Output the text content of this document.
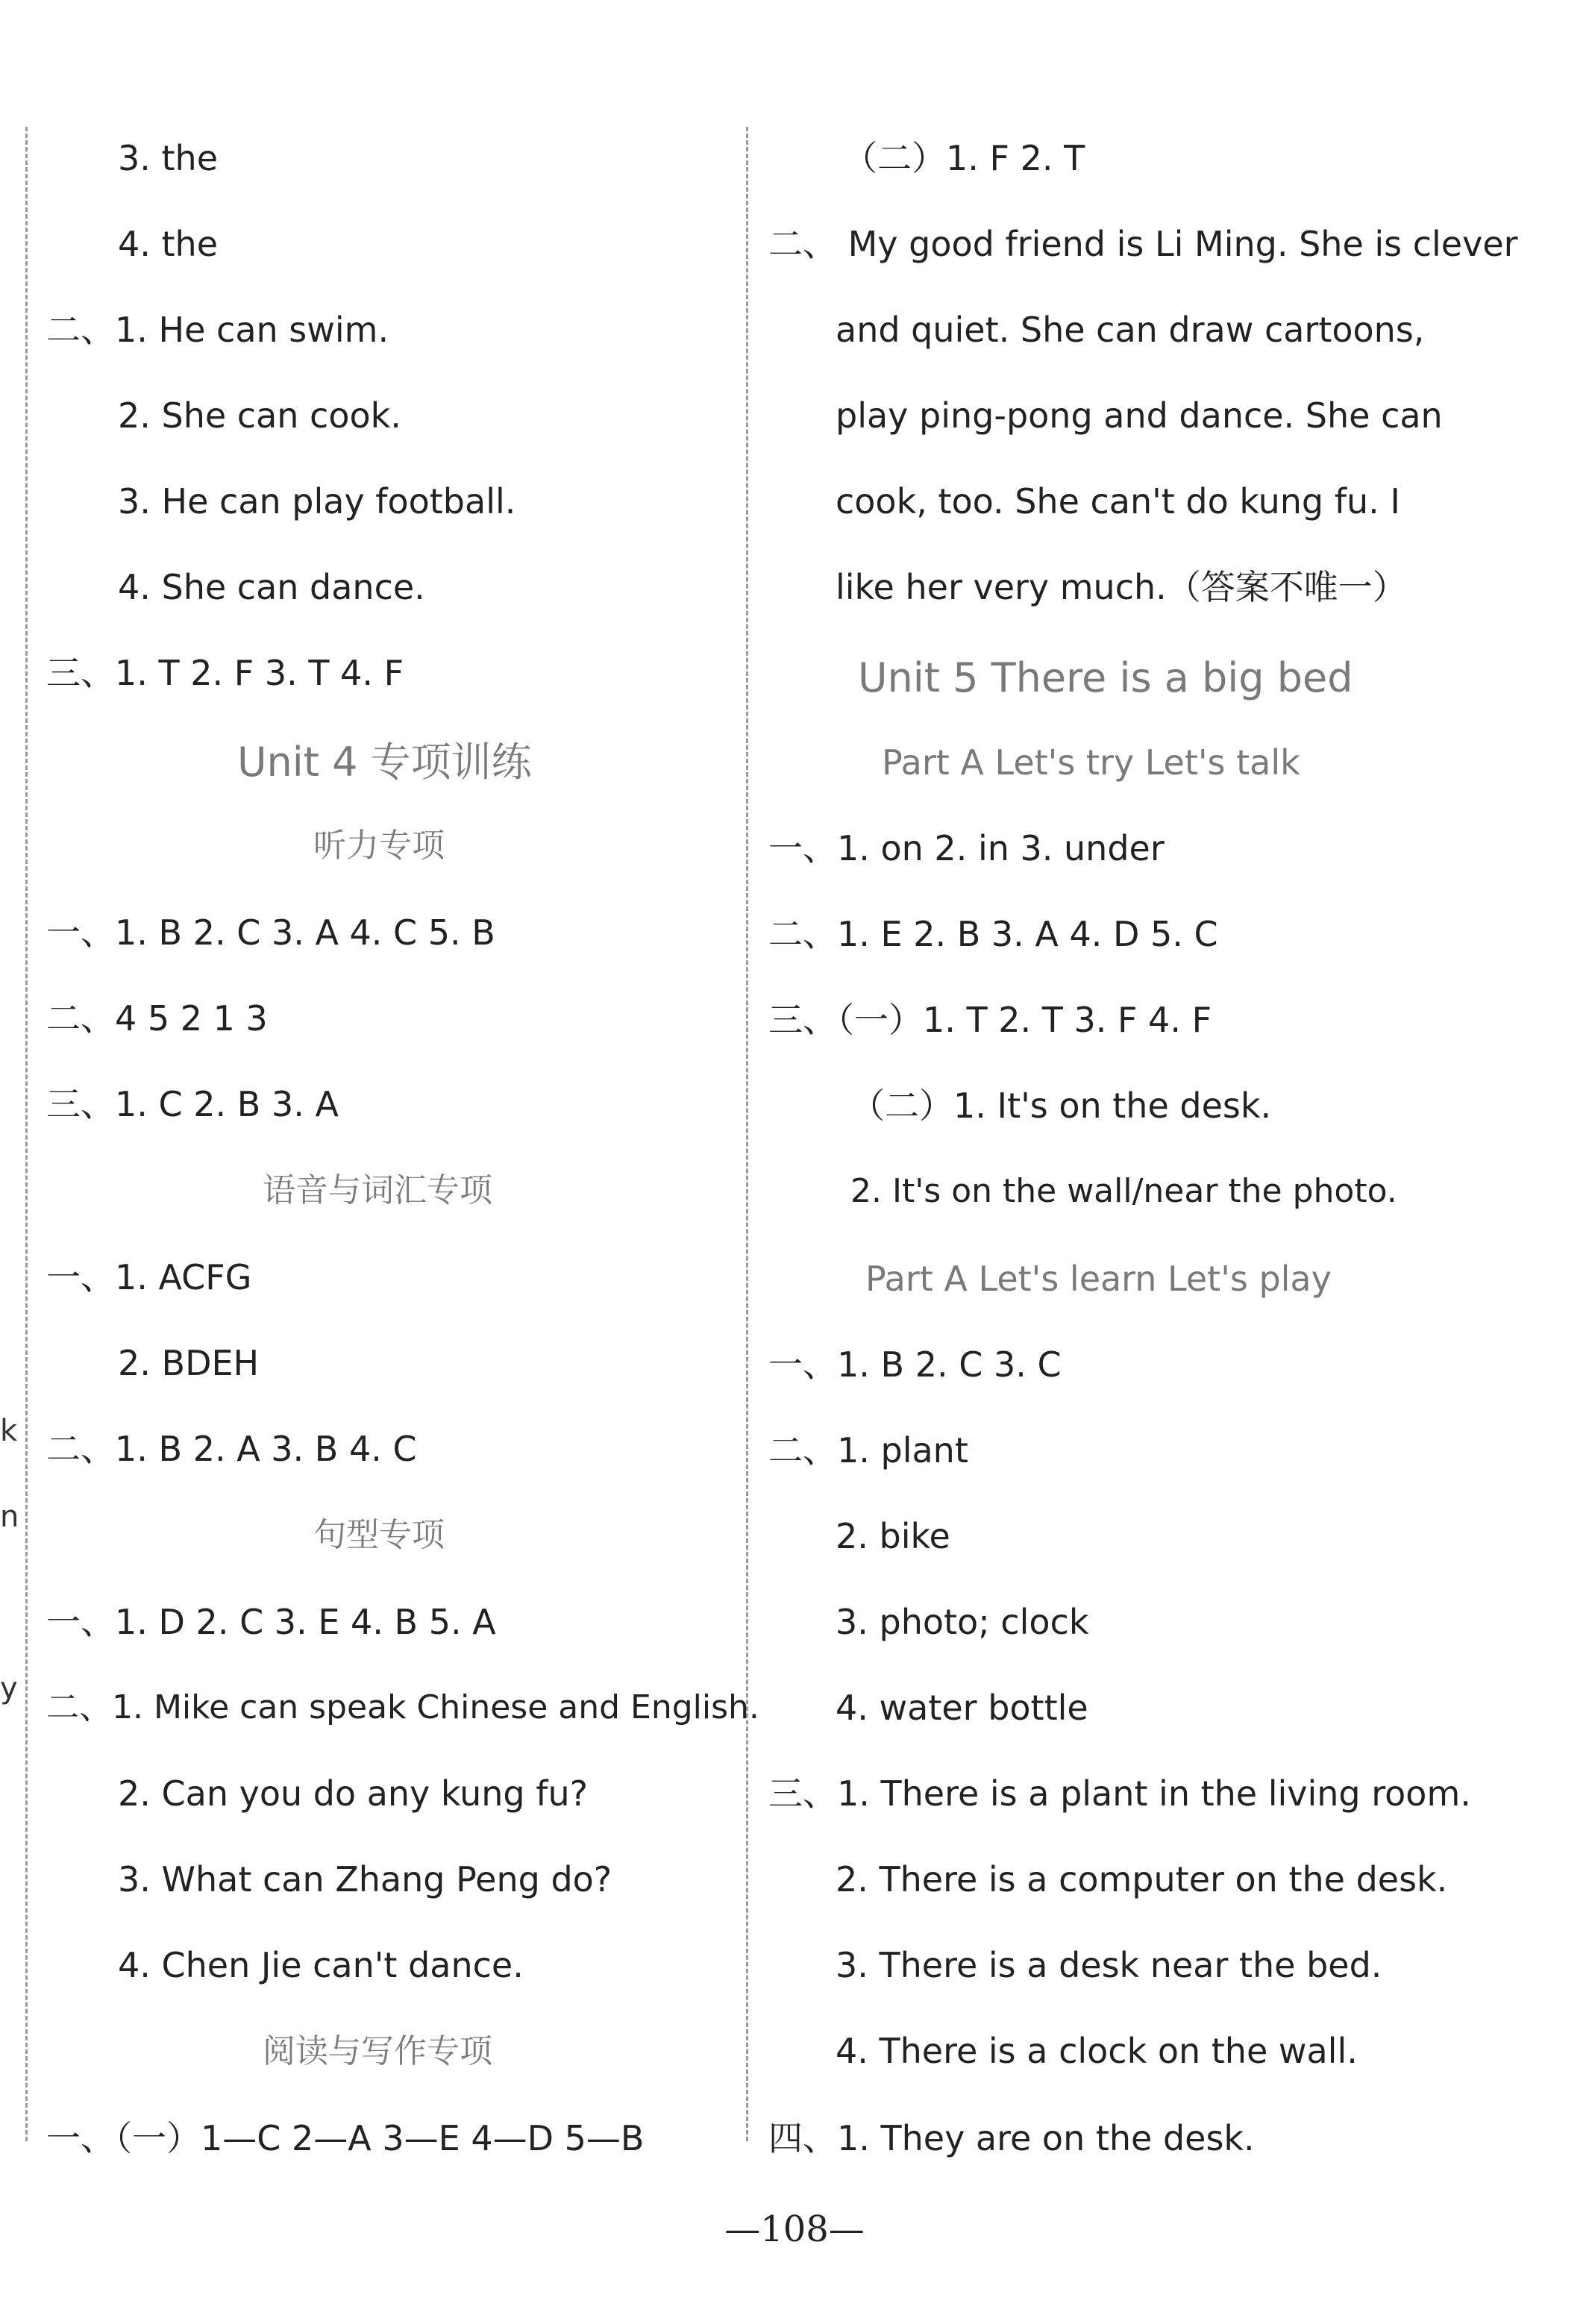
k
n
y
3. the
4. the
二、1. He can swim.
2. She can cook.
3. He can play football.
4. She can dance.
三、1. T 2. F 3. T 4. F
Unit 4 专项训练
听力专项
一、1. B 2. C 3. A 4. C 5. B
二、4 5 2 1 3
三、1. C 2. B 3. A
语音与词汇专项
一、1. ACFG
2. BDEH
二、1. B 2. A 3. B 4. C
句型专项
一、1. D 2. C 3. E 4. B 5. A
二、1. Mike can speak Chinese and English.
2. Can you do any kung fu?
3. What can Zhang Peng do?
4. Chen Jie can't dance.
阅读与写作专项
一、（一）1—C 2—A 3—E 4—D 5—B
（二）1. F 2. T
二、 My good friend is Li Ming. She is clever
and quiet. She can draw cartoons,
play ping-pong and dance. She can
cook, too. She can't do kung fu. I
like her very much.（答案不唯一）
Unit 5 There is a big bed
Part A Let's try Let's talk
一、1. on 2. in 3. under
二、1. E 2. B 3. A 4. D 5. C
三、（一）1. T 2. T 3. F 4. F
（二）1. It's on the desk.
2. It's on the wall/near the photo.
Part A Let's learn Let's play
一、1. B 2. C 3. C
二、1. plant
2. bike
3. photo; clock
4. water bottle
三、1. There is a plant in the living room.
2. There is a computer on the desk.
3. There is a desk near the bed.
4. There is a clock on the wall.
四、1. They are on the desk.
—108—
